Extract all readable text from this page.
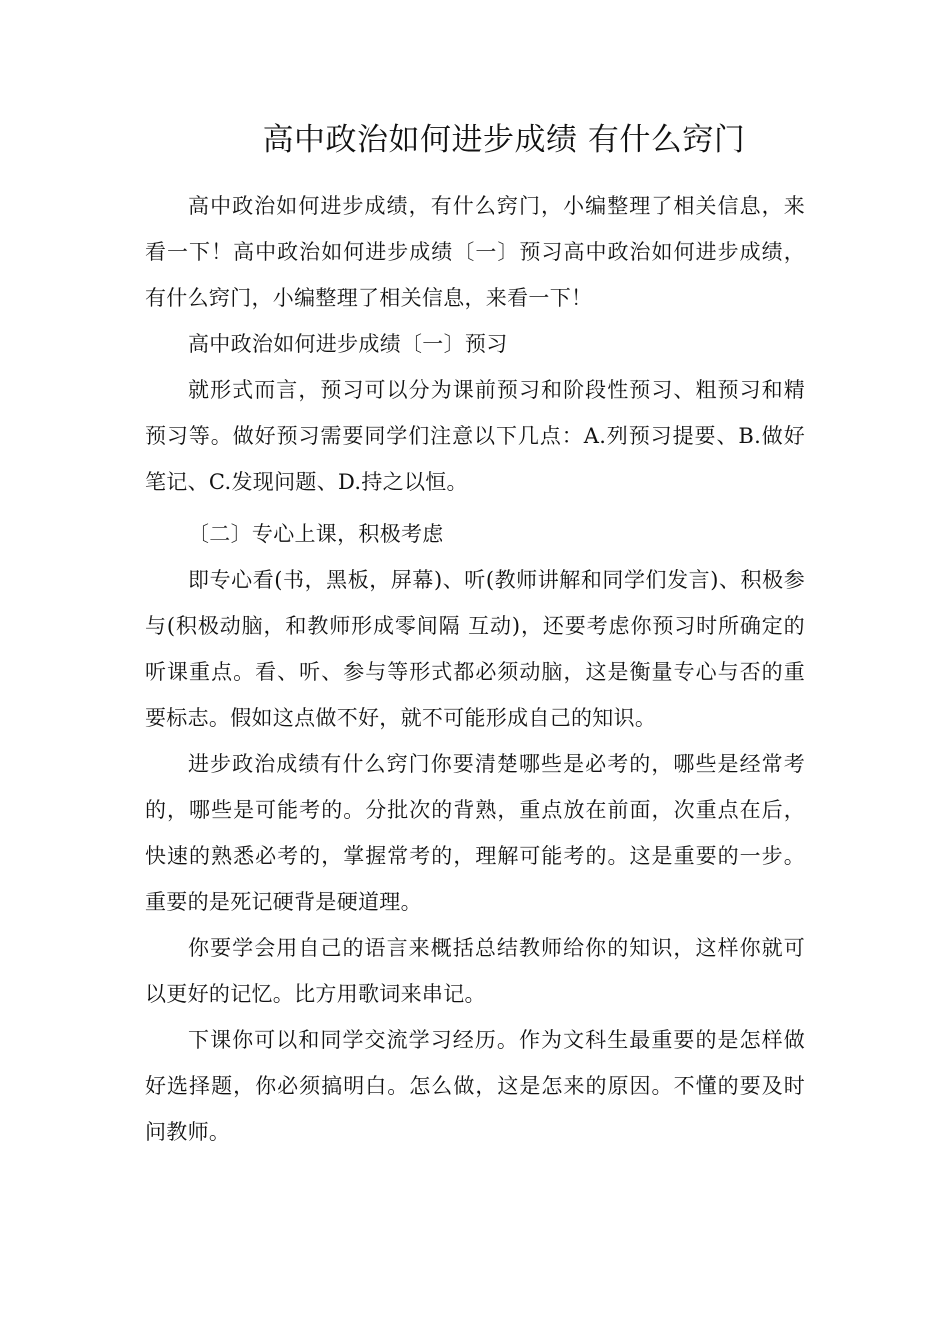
高中政治如何进步成绩 有什么窍门

高中政治如何进步成绩，有什么窍门，小编整理了相关信息，来看一下！高中政治如何进步成绩〔一〕预习高中政治如何进步成绩，有什么窍门，小编整理了相关信息，来看一下！

高中政治如何进步成绩〔一〕预习

就形式而言，预习可以分为课前预习和阶段性预习、粗预习和精预习等。做好预习需要同学们注意以下几点：A.列预习提要、B.做好笔记、C.发现问题、D.持之以恒。

〔二〕专心上课，积极考虑

即专心看(书，黑板，屏幕)、听(教师讲解和同学们发言)、积极参与(积极动脑，和教师形成零间隔 互动)，还要考虑你预习时所确定的听课重点。看、听、参与等形式都必须动脑，这是衡量专心与否的重要标志。假如这点做不好，就不可能形成自己的知识。

进步政治成绩有什么窍门你要清楚哪些是必考的，哪些是经常考的，哪些是可能考的。分批次的背熟，重点放在前面，次重点在后，快速的熟悉必考的，掌握常考的，理解可能考的。这是重要的一步。重要的是死记硬背是硬道理。

你要学会用自己的语言来概括总结教师给你的知识，这样你就可以更好的记忆。比方用歌词来串记。

下课你可以和同学交流学习经历。作为文科生最重要的是怎样做好选择题，你必须搞明白。怎么做，这是怎来的原因。不懂的要及时问教师。
